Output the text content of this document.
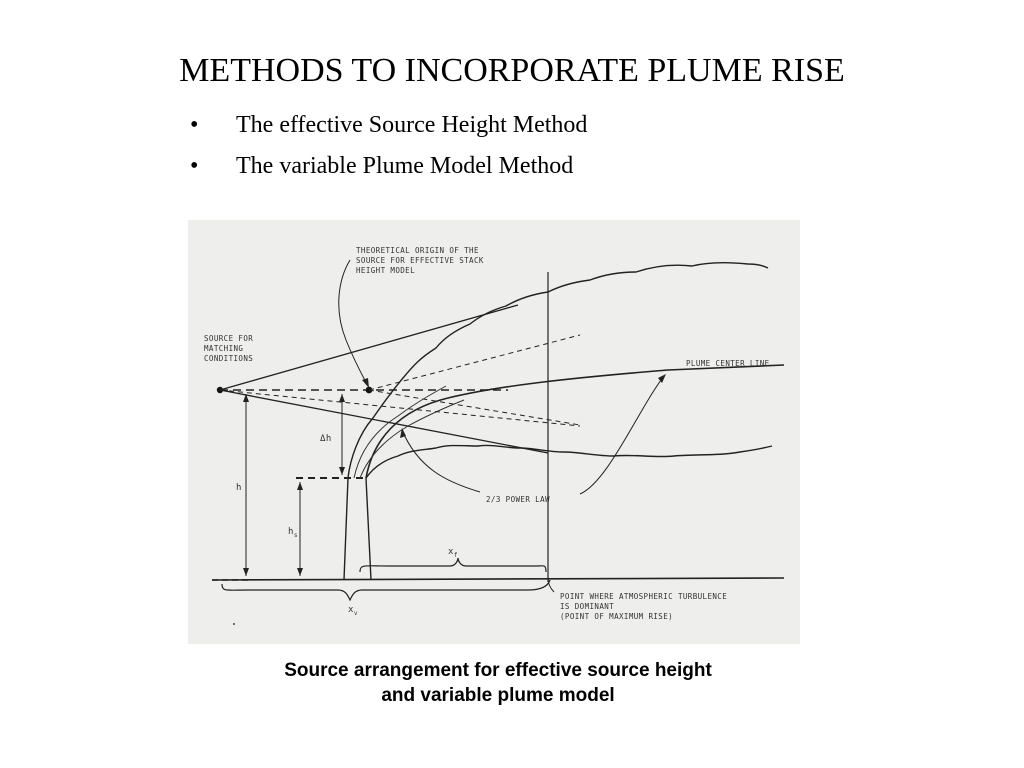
METHODS TO INCORPORATE PLUME RISE
• The effective Source Height Method
• The variable Plume Model Method
THEORETICAL ORIGIN OF THE
SOURCE FOR EFFECTIVE STACK
HEIGHT MODEL
SOURCE FOR
MATCHING
CONDITIONS
PLUME CENTER LINE
Δh
h
$h_s$
2/3 POWER LAW
$x_f$
$x_v$
POINT WHERE ATMOSPHERIC TURBULENCE
IS DOMINANT
(POINT OF MAXIMUM RISE)
Source arrangement for effective source height
and variable plume model
